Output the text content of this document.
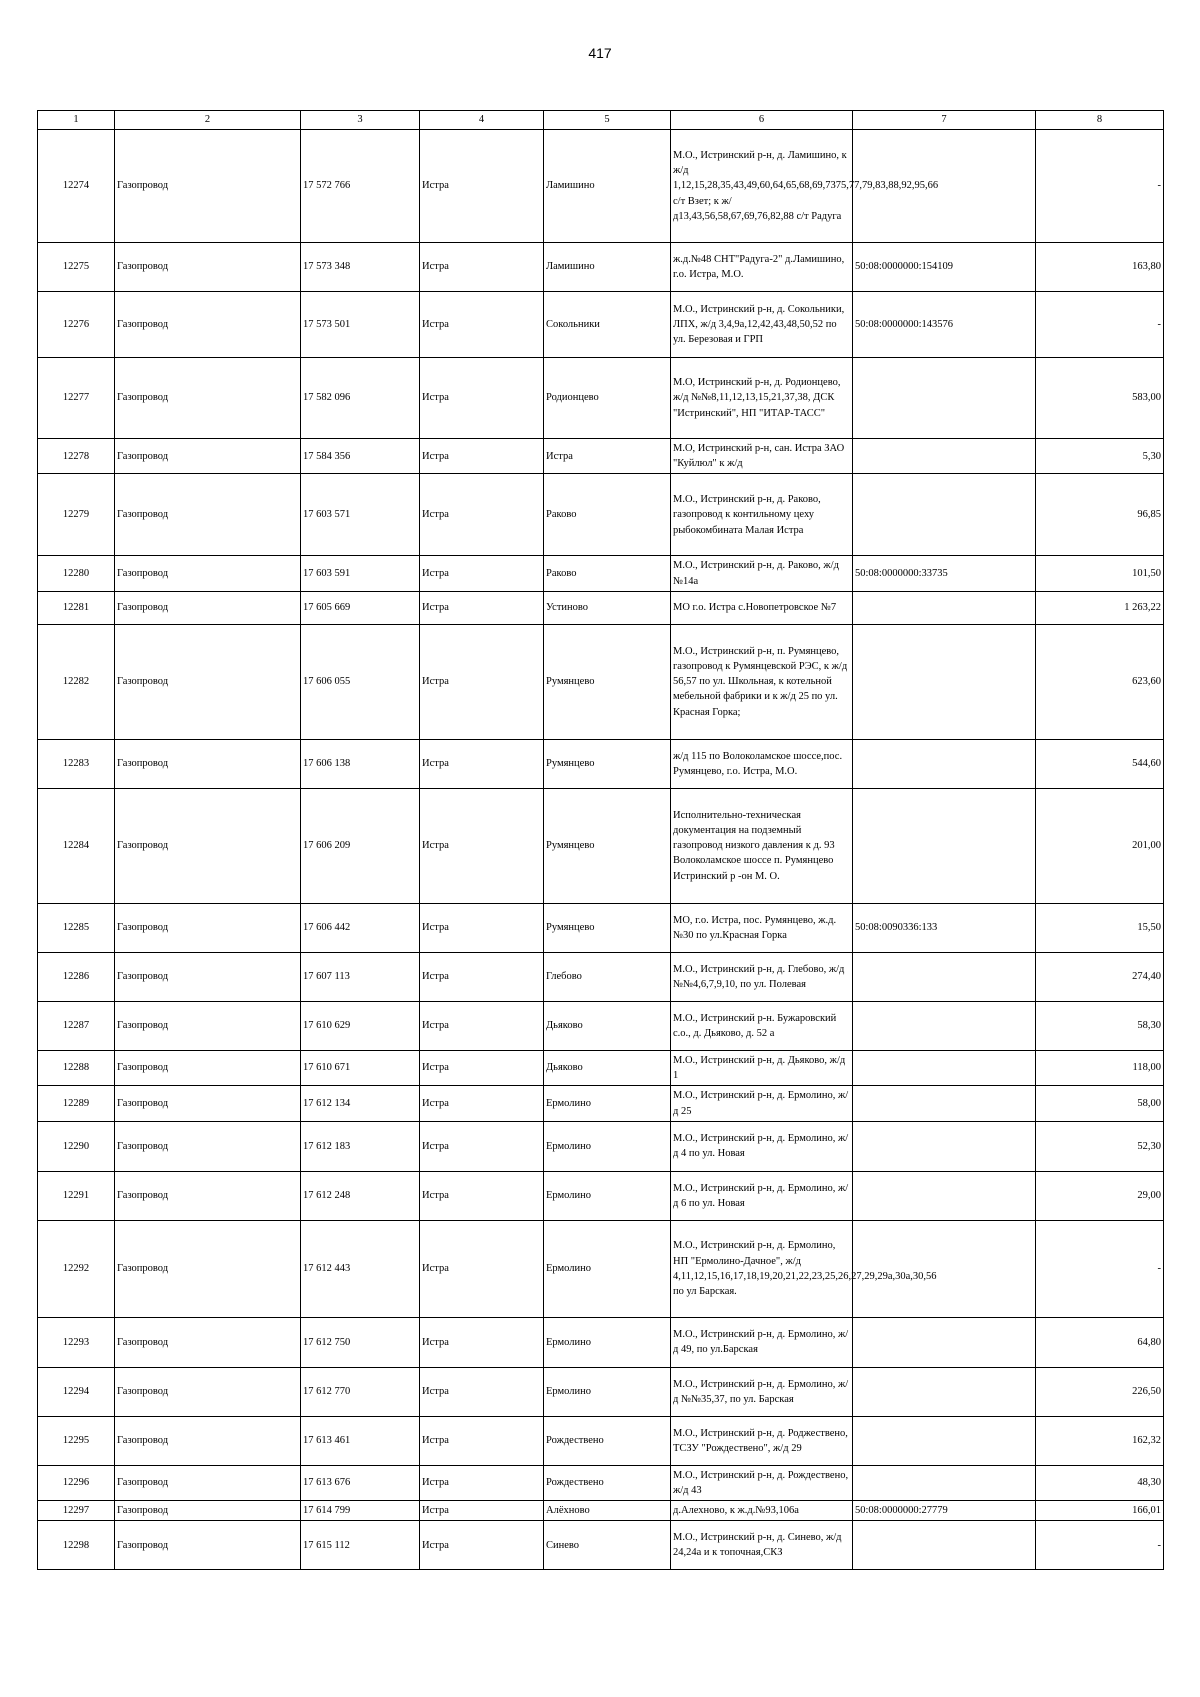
417
1	2	3	4	5	6	7	8
12274	Газопровод	17 572 766	Истра	Ламишино	М.О., Истринский р-н, д. Ламишино, к ж/д 1,12,15,28,35,43,49,60,64,65,68,69,7375,77,79,83,88,92,95,66 с/т Взет; к ж/д13,43,56,58,67,69,76,82,88 с/т Радуга		-
12275	Газопровод	17 573 348	Истра	Ламишино	ж.д.№48 СНТ"Радуга-2" д.Ламишино, г.о. Истра, М.О.	50:08:0000000:154109	163,80
12276	Газопровод	17 573 501	Истра	Сокольники	М.О., Истринский р-н, д. Сокольники, ЛПХ, ж/д 3,4,9а,12,42,43,48,50,52 по ул. Березовая и ГРП	50:08:0000000:143576	-
12277	Газопровод	17 582 096	Истра	Родионцево	М.О, Истринский р-н, д. Родионцево, ж/д №№8,11,12,13,15,21,37,38, ДСК "Истринский", НП "ИТАР-ТАСС"		583,00
12278	Газопровод	17 584 356	Истра	Истра	М.О, Истринский р-н, сан. Истра ЗАО "Куйлюл" к ж/д		5,30
12279	Газопровод	17 603 571	Истра	Раково	М.О., Истринский р-н, д. Раково, газопровод к контильному цеху рыбокомбината Малая Истра		96,85
12280	Газопровод	17 603 591	Истра	Раково	М.О., Истринский р-н, д. Раково, ж/д №14а	50:08:0000000:33735	101,50
12281	Газопровод	17 605 669	Истра	Устиново	МО г.о. Истра с.Новопетровское №7		1 263,22
12282	Газопровод	17 606 055	Истра	Румянцево	М.О., Истринский р-н, п. Румянцево, газопровод к Румянцевской РЭС, к ж/д 56,57 по ул. Школьная, к котельной мебельной фабрики и к ж/д 25 по ул. Красная Горка;		623,60
12283	Газопровод	17 606 138	Истра	Румянцево	ж/д 115 по Волоколамское шоссе,пос. Румянцево, г.о. Истра, М.О.		544,60
12284	Газопровод	17 606 209	Истра	Румянцево	Исполнительно-техническая документация на подземный газопровод низкого давления к д. 93 Волоколамское шоссе п. Румянцево Истринский р -он М. О.		201,00
12285	Газопровод	17 606 442	Истра	Румянцево	МО, г.о. Истра, пос. Румянцево, ж.д.№30 по ул.Красная Горка	50:08:0090336:133	15,50
12286	Газопровод	17 607 113	Истра	Глебово	М.О., Истринский р-н, д. Глебово, ж/д №№4,6,7,9,10, по ул. Полевая		274,40
12287	Газопровод	17 610 629	Истра	Дьяково	М.О., Истринский р-н. Бужаровский с.о., д. Дьяково, д. 52 а		58,30
12288	Газопровод	17 610 671	Истра	Дьяково	М.О., Истринский р-н, д. Дьяково, ж/д 1		118,00
12289	Газопровод	17 612 134	Истра	Ермолино	М.О., Истринский р-н, д. Ермолино, ж/д 25		58,00
12290	Газопровод	17 612 183	Истра	Ермолино	М.О., Истринский р-н, д. Ермолино, ж/д 4 по ул. Новая		52,30
12291	Газопровод	17 612 248	Истра	Ермолино	М.О., Истринский р-н, д. Ермолино, ж/д 6 по ул. Новая		29,00
12292	Газопровод	17 612 443	Истра	Ермолино	М.О., Истринский р-н, д. Ермолино, НП "Ермолино-Дачное", ж/д 4,11,12,15,16,17,18,19,20,21,22,23,25,26,27,29,29а,30а,30,56 по ул Барская.		-
12293	Газопровод	17 612 750	Истра	Ермолино	М.О., Истринский р-н, д. Ермолино, ж/д 49, по ул.Барская		64,80
12294	Газопровод	17 612 770	Истра	Ермолино	М.О., Истринский р-н, д. Ермолино, ж/д №№35,37, по ул. Барская		226,50
12295	Газопровод	17 613 461	Истра	Рождествено	М.О., Истринский р-н, д. Роджествено, ТСЗУ "Рождествено", ж/д 29		162,32
12296	Газопровод	17 613 676	Истра	Рождествено	М.О., Истринский р-н, д. Рождествено, ж/д 43		48,30
12297	Газопровод	17 614 799	Истра	Алёхново	д.Алехново, к ж.д.№93,106а	50:08:0000000:27779	166,01
12298	Газопровод	17 615 112	Истра	Синево	М.О., Истринский р-н, д. Синево, ж/д 24,24а и к топочная,СКЗ		-
